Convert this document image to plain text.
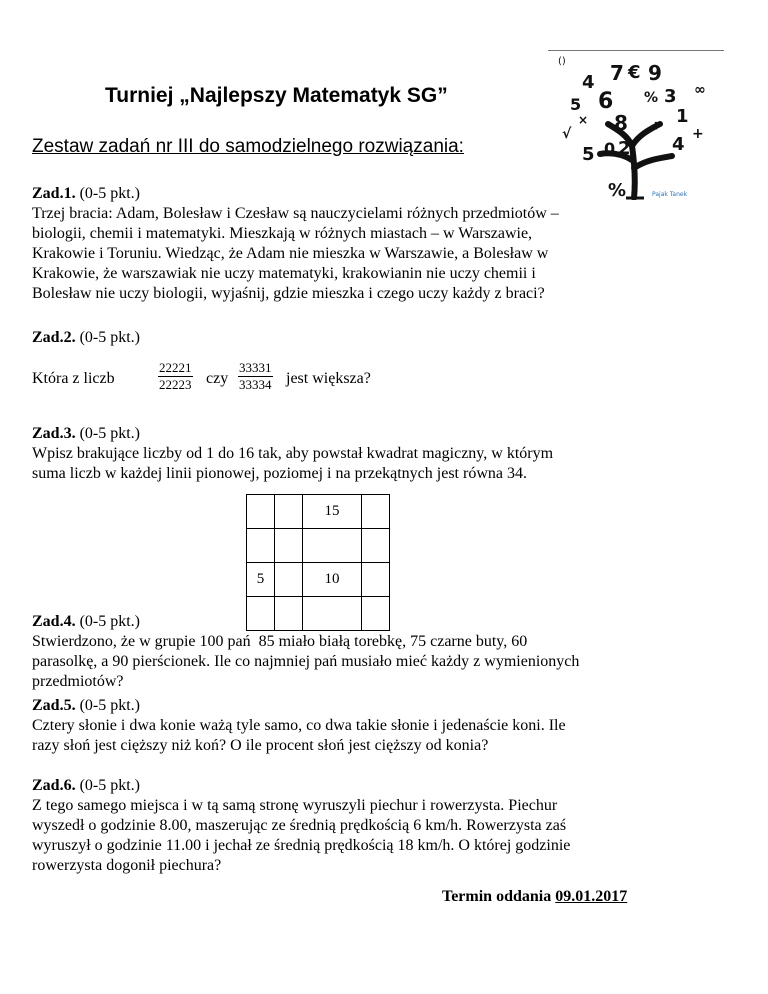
7 € 9
4
5	3
6 %
1
8
2
0
5	4
()
∞
√	+
÷
×
%	Pajak Tanek
Turniej „Najlepszy Matematyk SG”
Zestaw zadań nr III do samodzielnego rozwiązania:
Zad.1. (0-5 pkt.)
Trzej bracia: Adam, Bolesław i Czesław są nauczycielami różnych przedmiotów –
biologii, chemii i matematyki. Mieszkają w różnych miastach – w Warszawie,
Krakowie i Toruniu. Wiedząc, że Adam nie mieszka w Warszawie, a Bolesław w
Krakowie, że warszawiak nie uczy matematyki, krakowianin nie uczy chemii i
Bolesław nie uczy biologii, wyjaśnij, gdzie mieszka i czego uczy każdy z braci?
Zad.2. (0-5 pkt.)
Która z liczb
22221
22223 czy
33331
33334 jest większa?
Zad.3. (0-5 pkt.)
Wpisz brakujące liczby od 1 do 16 tak, aby powstał kwadrat magiczny, w którym
suma liczb w każdej linii pionowej, poziomej i na przekątnych jest równa 34.
		15	

5		10	

Zad.4. (0-5 pkt.)
Stwierdzono, że w grupie 100 pań  85 miało białą torebkę, 75 czarne buty, 60
parasolkę, a 90 pierścionek. Ile co najmniej pań musiało mieć każdy z wymienionych
przedmiotów?
Zad.5. (0-5 pkt.)
Cztery słonie i dwa konie ważą tyle samo, co dwa takie słonie i jedenaście koni. Ile
razy słoń jest cięższy niż koń? O ile procent słoń jest cięższy od konia?
Zad.6. (0-5 pkt.)
Z tego samego miejsca i w tą samą stronę wyruszyli piechur i rowerzysta. Piechur
wyszedł o godzinie 8.00, maszerując ze średnią prędkością 6 km/h. Rowerzysta zaś
wyruszył o godzinie 11.00 i jechał ze średnią prędkością 18 km/h. O której godzinie
rowerzysta dogonił piechura?
Termin oddania 09.01.2017
